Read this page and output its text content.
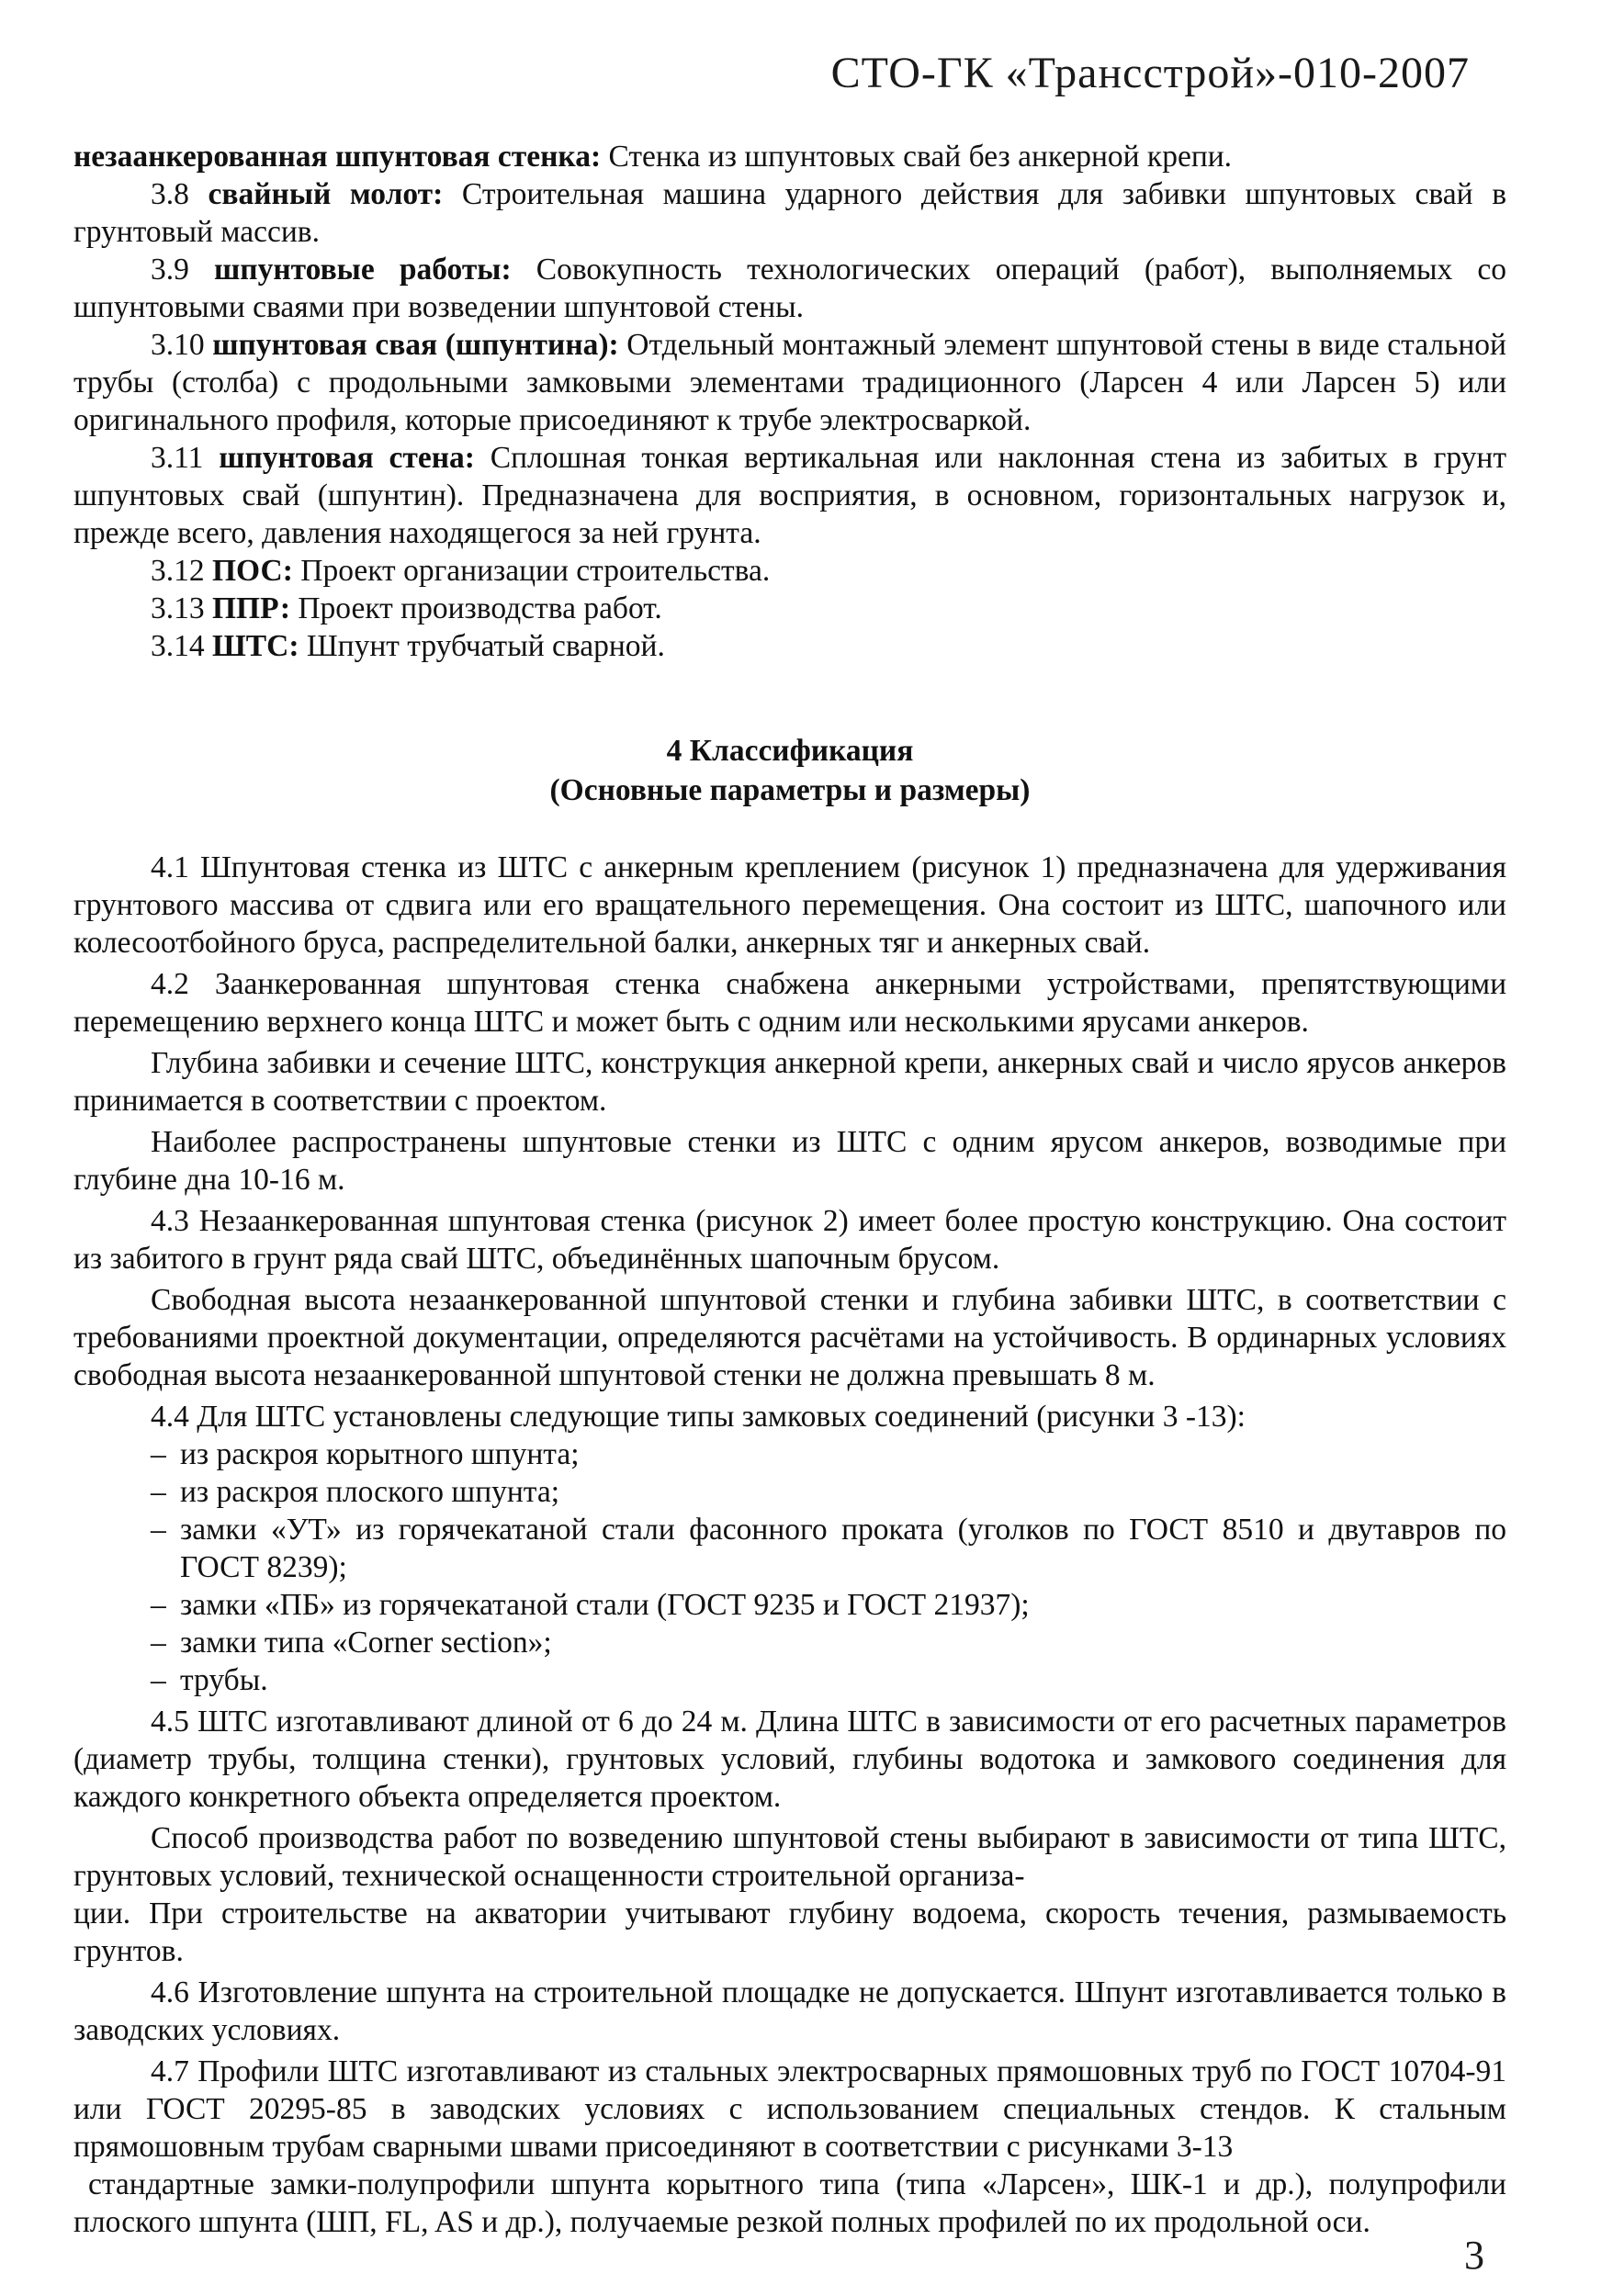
СТО-ГК «Трансстрой»-010-2007

незаанкерованная шпунтовая стенка: Стенка из шпунтовых свай без анкерной крепи.

3.8 свайный молот: Строительная машина ударного действия для забивки шпунтовых свай в грунтовый массив.

3.9 шпунтовые работы: Совокупность технологических операций (работ), выполняемых со шпунтовыми сваями при возведении шпунтовой стены.

3.10 шпунтовая свая (шпунтина): Отдельный монтажный элемент шпунтовой стены в виде стальной трубы (столба) с продольными замковыми элементами традиционного (Ларсен 4 или Ларсен 5) или оригинального профиля, которые присоединяют к трубе электросваркой.

3.11 шпунтовая стена: Сплошная тонкая вертикальная или наклонная стена из забитых в грунт шпунтовых свай (шпунтин). Предназначена для восприятия, в основном, горизонтальных нагрузок и, прежде всего, давления находящегося за ней грунта.

3.12 ПОС: Проект организации строительства.

3.13 ППР: Проект производства работ.

3.14 ШТС: Шпунт трубчатый сварной.

4 Классификация
(Основные параметры и размеры)

4.1 Шпунтовая стенка из ШТС с анкерным креплением (рисунок 1) предназначена для удерживания грунтового массива от сдвига или его вращательного перемещения. Она состоит из ШТС, шапочного или колесоотбойного бруса, распределительной балки, анкерных тяг и анкерных свай.

4.2 Заанкерованная шпунтовая стенка снабжена анкерными устройствами, препятствующими перемещению верхнего конца ШТС и может быть с одним или несколькими ярусами анкеров.

Глубина забивки и сечение ШТС, конструкция анкерной крепи, анкерных свай и число ярусов анкеров принимается в соответствии с проектом.

Наиболее распространены шпунтовые стенки из ШТС с одним ярусом анкеров, возводимые при глубине дна 10-16 м.

4.3 Незаанкерованная шпунтовая стенка (рисунок 2) имеет более простую конструкцию. Она состоит из забитого в грунт ряда свай ШТС, объединённых шапочным брусом.

Свободная высота незаанкерованной шпунтовой стенки и глубина забивки ШТС, в соответствии с требованиями проектной документации, определяются расчётами на устойчивость. В ординарных условиях свободная высота незаанкерованной шпунтовой стенки не должна превышать 8 м.

4.4 Для ШТС установлены следующие типы замковых соединений (рисунки 3 -13):

– из раскроя корытного шпунта;
– из раскроя плоского шпунта;
– замки «УТ» из горячекатаной стали фасонного проката (уголков по ГОСТ 8510 и двутавров по ГОСТ 8239);
– замки «ПБ» из горячекатаной стали (ГОСТ 9235 и ГОСТ 21937);
– замки типа «Corner section»;
– трубы.

4.5 ШТС изготавливают длиной от 6 до 24 м. Длина ШТС в зависимости от его расчетных параметров (диаметр трубы, толщина стенки), грунтовых условий, глубины водотока и замкового соединения для каждого конкретного объекта определяется проектом.

Способ производства работ по возведению шпунтовой стены выбирают в зависимости от типа ШТС, грунтовых условий, технической оснащенности строительной организа-

ции. При строительстве на акватории учитывают глубину водоема, скорость течения, размываемость грунтов.

4.6 Изготовление шпунта на строительной площадке не допускается. Шпунт изготавливается только в заводских условиях.

4.7 Профили ШТС изготавливают из стальных электросварных прямошовных труб по ГОСТ 10704-91 или ГОСТ 20295-85 в заводских условиях с использованием специальных стендов. К стальным прямошовным трубам сварными швами присоединяют в соответствии с рисунками 3-13

стандартные замки-полупрофили шпунта корытного типа (типа «Ларсен», ШК-1 и др.), полупрофили плоского шпунта (ШП, FL, AS и др.), получаемые резкой полных профилей по их продольной оси.

3
